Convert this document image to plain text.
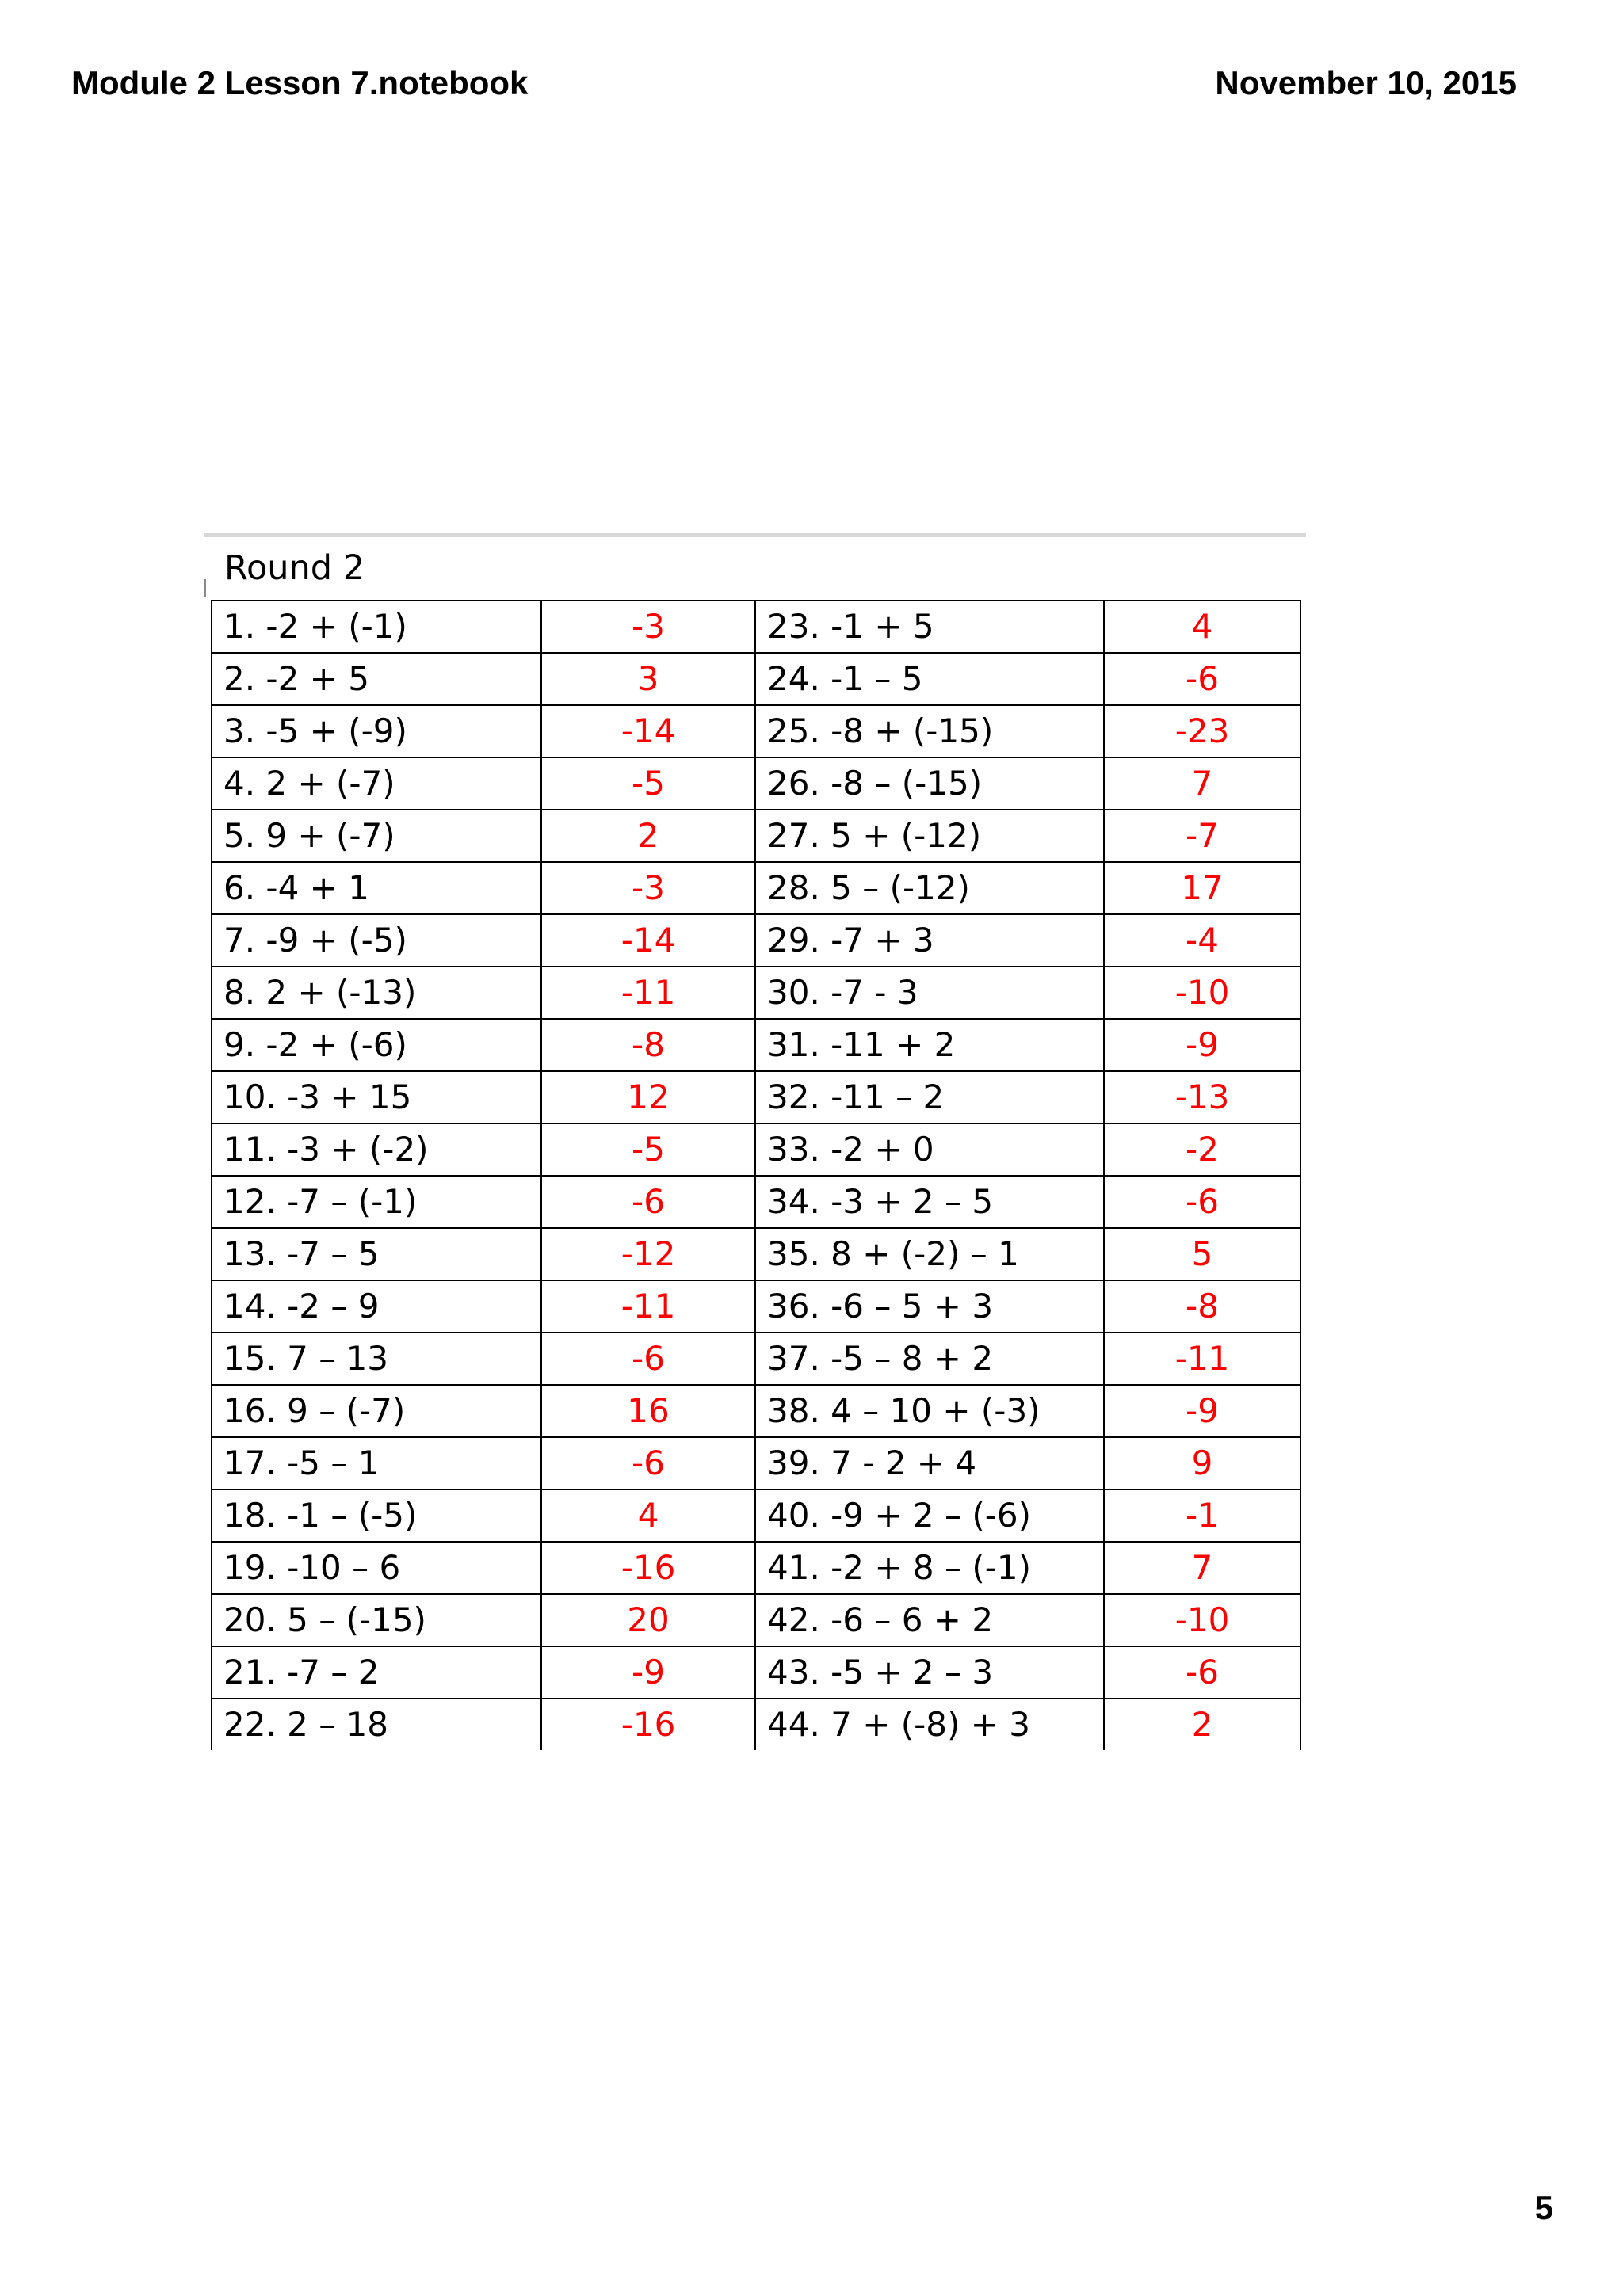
Module 2 Lesson 7.notebook	November 10, 2015
Round 2
1. -2 + (-1)	-3	23. -1 + 5	4
2. -2 + 5	3	24. -1 – 5	-6
3. -5 + (-9)	-14	25. -8 + (-15)	-23
4. 2 + (-7)	-5	26. -8 – (-15)	7
5. 9 + (-7)	2	27. 5 + (-12)	-7
6. -4 + 1	-3	28. 5 – (-12)	17
7. -9 + (-5)	-14	29. -7 + 3	-4
8. 2 + (-13)	-11	30. -7 - 3	-10
9. -2 + (-6)	-8	31. -11 + 2	-9
10. -3 + 15	12	32. -11 – 2	-13
11. -3 + (-2)	-5	33. -2 + 0	-2
12. -7 – (-1)	-6	34. -3 + 2 – 5	-6
13. -7 – 5	-12	35. 8 + (-2) – 1	5
14. -2 – 9	-11	36. -6 – 5 + 3	-8
15. 7 – 13	-6	37. -5 – 8 + 2	-11
16. 9 – (-7)	16	38. 4 – 10 + (-3)	-9
17. -5 – 1	-6	39. 7 - 2 + 4	9
18. -1 – (-5)	4	40. -9 + 2 – (-6)	-1
19. -10 – 6	-16	41. -2 + 8 – (-1)	7
20. 5 – (-15)	20	42. -6 – 6 + 2	-10
21. -7 – 2	-9	43. -5 + 2 – 3	-6
22. 2 – 18	-16	44. 7 + (-8) + 3	2
5
